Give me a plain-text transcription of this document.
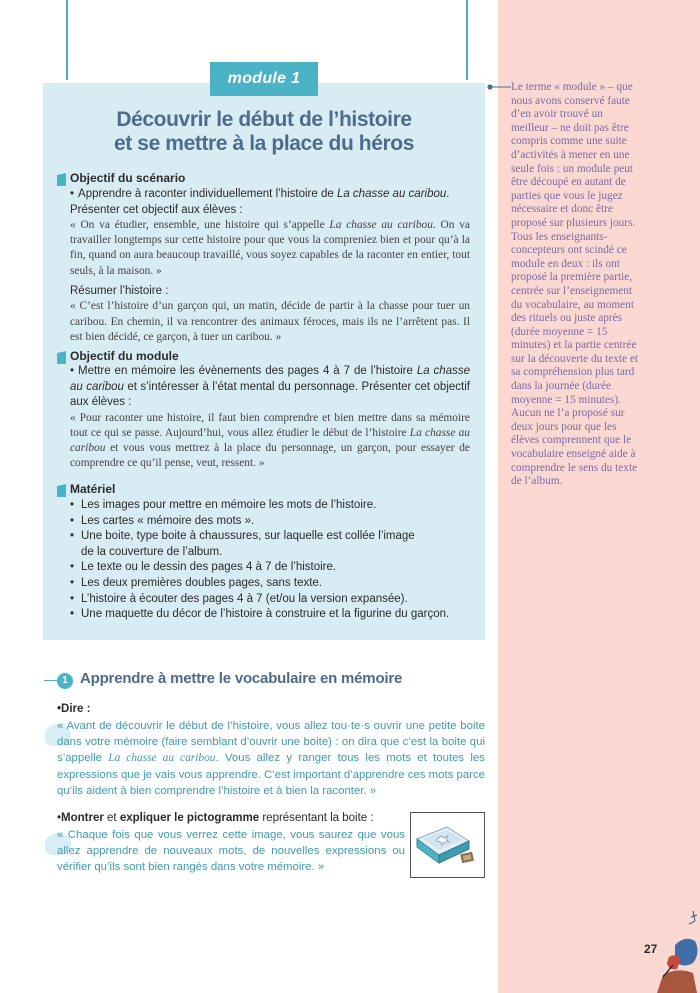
module 1
Découvrir le début de l’histoire
et se mettre à la place du héros
Objectif du scénario
• Apprendre à raconter individuellement l’histoire de La chasse au caribou.
Présenter cet objectif aux élèves :
« On va étudier, ensemble, une histoire qui s’appelle La chasse au caribou. On va travailler longtemps sur cette histoire pour que vous la compreniez bien et pour qu’à la fin, quand on aura beaucoup travaillé, vous soyez capables de la raconter en entier, tout seuls, à la maison. »
Résumer l’histoire :
« C’est l’histoire d’un garçon qui, un matin, décide de partir à la chasse pour tuer un caribou. En chemin, il va rencontrer des animaux féroces, mais ils ne l’arrêtent pas. Il est bien décidé, ce garçon, à tuer un caribou. »
Objectif du module
• Mettre en mémoire les évènements des pages 4 à 7 de l’histoire La chasse au caribou et s’intéresser à l’état mental du personnage. Présenter cet objectif aux élèves :
« Pour raconter une histoire, il faut bien comprendre et bien mettre dans sa mémoire tout ce qui se passe. Aujourd’hui, vous allez étudier le début de l’histoire La chasse au caribou et vous vous mettrez à la place du personnage, un garçon, pour essayer de comprendre ce qu’il pense, veut, ressent. »
Matériel
• Les images pour mettre en mémoire les mots de l’histoire.
• Les cartes « mémoire des mots ».
• Une boite, type boite à chaussures, sur laquelle est collée l’image
de la couverture de l’album.
• Le texte ou le dessin des pages 4 à 7 de l’histoire.
• Les deux premières doubles pages, sans texte.
• L’histoire à écouter des pages 4 à 7 (et/ou la version expansée).
• Une maquette du décor de l’histoire à construire et la figurine du garçon.
Le terme « module » – que nous avons conservé faute d’en avoir trouvé un meilleur – ne doit pas être compris comme une suite d’activités à mener en une seule fois : un module peut être découpé en autant de parties que vous le jugez nécessaire et donc être proposé sur plusieurs jours. Tous les enseignants-concepteurs ont scindé ce module en deux : ils ont proposé la première partie, centrée sur l’enseignement du vocabulaire, au moment des rituels ou juste après (durée moyenne = 15 minutes) et la partie centrée sur la découverte du texte et sa compréhension plus tard dans la journée (durée moyenne = 15 minutes). Aucun ne l’a proposé sur deux jours pour que les élèves comprennent que le vocabulaire enseigné aide à comprendre le sens du texte de l’album.
1 Apprendre à mettre le vocabulaire en mémoire
•Dire :
« Avant de découvrir le début de l’histoire, vous allez tou·te·s ouvrir une petite boite dans votre mémoire (faire semblant d’ouvrir une boite) : on dira que c’est la boite qui s’appelle La chasse au caribou. Vous allez y ranger tous les mots et toutes les expressions que je vais vous apprendre. C’est important d’apprendre ces mots parce qu’ils aident à bien comprendre l’histoire et à bien la raconter. »
•Montrer et expliquer le pictogramme représentant la boite :
« Chaque fois que vous verrez cette image, vous saurez que vous allez apprendre de nouveaux mots, de nouvelles expressions ou vérifier qu’ils sont bien rangés dans votre mémoire. »
27
